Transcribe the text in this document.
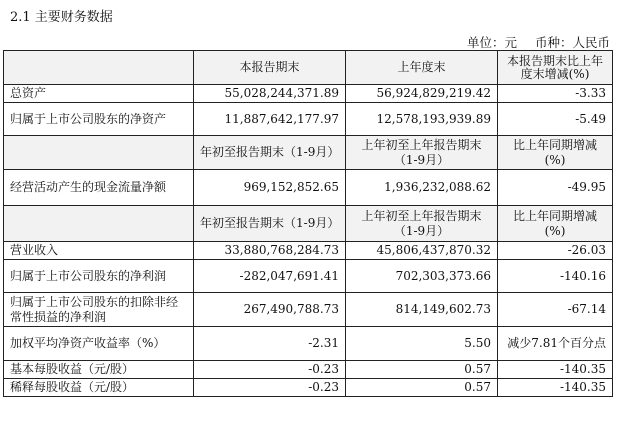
2.1 主要财务数据
单位：元 币种：人民币
	本报告期末	上年度末	本报告期末比上年度末增减(%)
总资产	55,028,244,371.89	56,924,829,219.42	-3.33
归属于上市公司股东的净资产	11,887,642,177.97	12,578,193,939.89	-5.49
	年初至报告期末（1-9月）	上年初至上年报告期末（1-9月）	比上年同期增减(%)
经营活动产生的现金流量净额	969,152,852.65	1,936,232,088.62	-49.95
	年初至报告期末（1-9月）	上年初至上年报告期末（1-9月）	比上年同期增减(%)
营业收入	33,880,768,284.73	45,806,437,870.32	-26.03
归属于上市公司股东的净利润	-282,047,691.41	702,303,373.66	-140.16
归属于上市公司股东的扣除非经常性损益的净利润	267,490,788.73	814,149,602.73	-67.14
加权平均净资产收益率（%）	-2.31	5.50	减少7.81个百分点
基本每股收益（元/股）	-0.23	0.57	-140.35
稀释每股收益（元/股）	-0.23	0.57	-140.35
